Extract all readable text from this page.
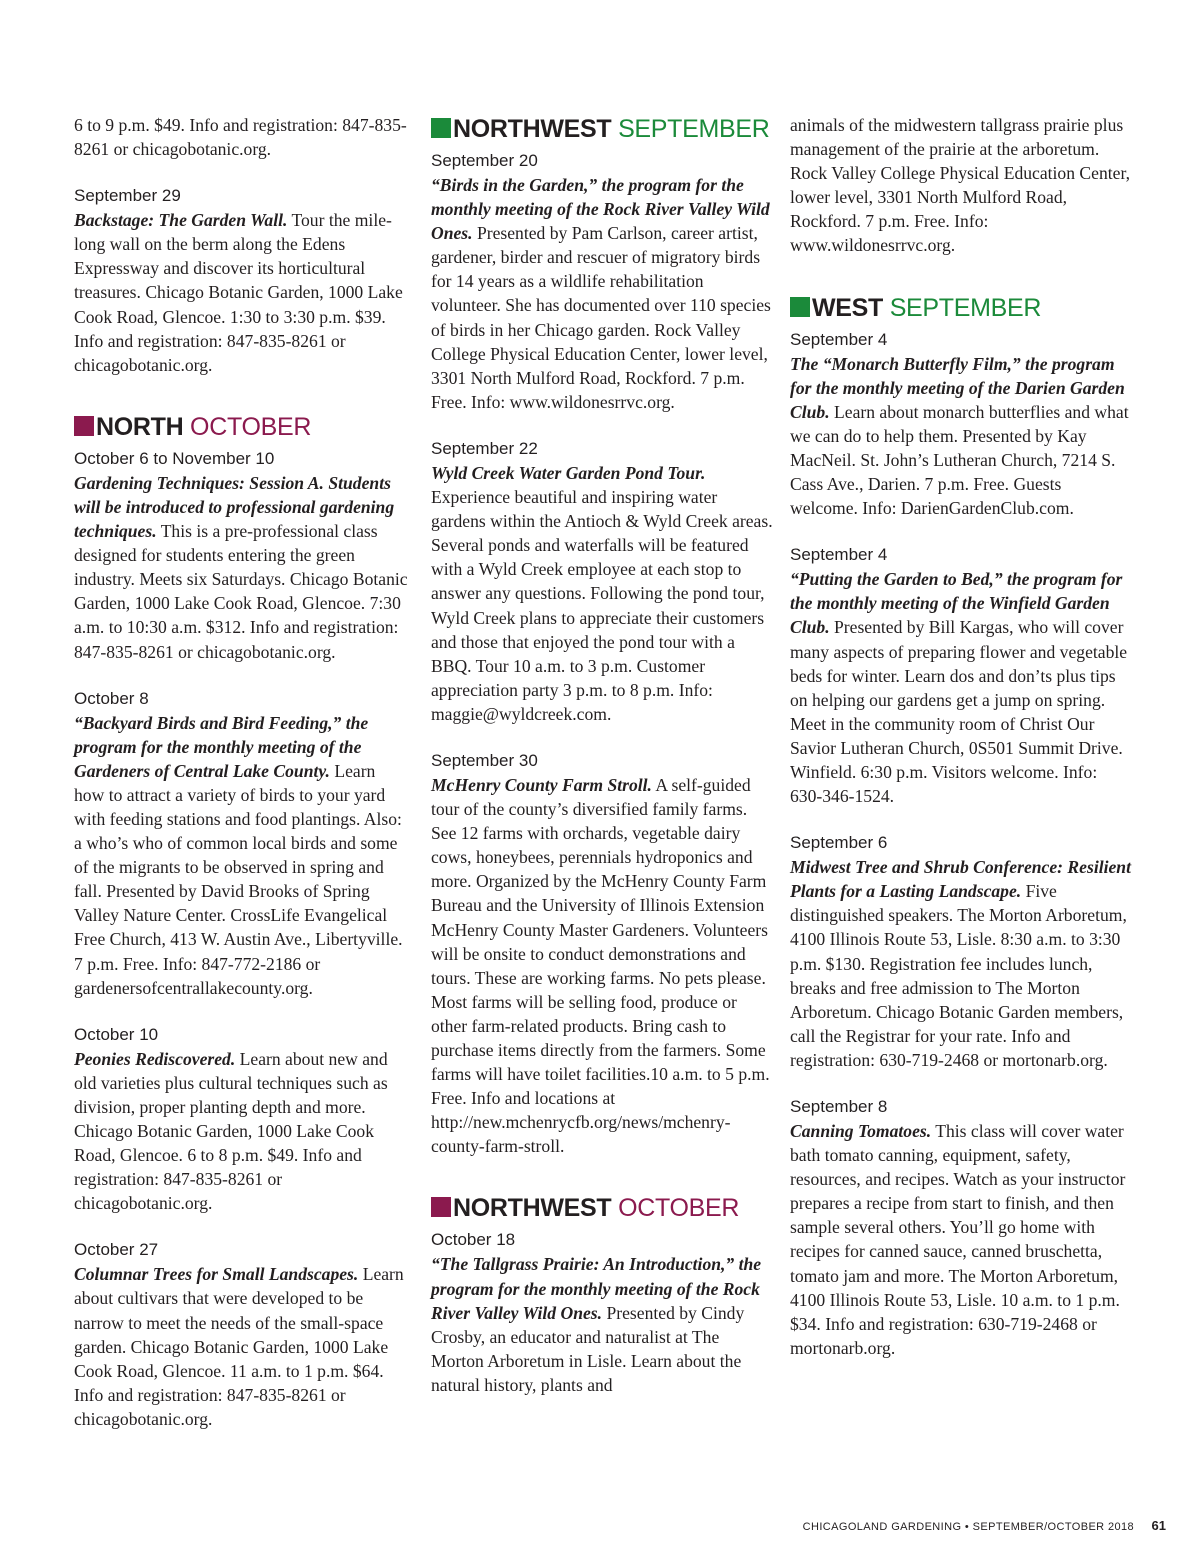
6 to 9 p.m. $49. Info and registration: 847-835-8261 or chicagobotanic.org.

September 29
Backstage: The Garden Wall. Tour the mile-long wall on the berm along the Edens Expressway and discover its horticultural treasures. Chicago Botanic Garden, 1000 Lake Cook Road, Glencoe. 1:30 to 3:30 p.m. $39. Info and registration: 847-835-8261 or chicagobotanic.org.
NORTH OCTOBER
October 6 to November 10
Gardening Techniques: Session A. Students will be introduced to professional gardening techniques. This is a pre-professional class designed for students entering the green industry. Meets six Saturdays. Chicago Botanic Garden, 1000 Lake Cook Road, Glencoe. 7:30 a.m. to 10:30 a.m. $312. Info and registration: 847-835-8261 or chicagobotanic.org.
October 8
“Backyard Birds and Bird Feeding,” the program for the monthly meeting of the Gardeners of Central Lake County. Learn how to attract a variety of birds to your yard with feeding stations and food plantings. Also: a who’s who of common local birds and some of the migrants to be observed in spring and fall. Presented by David Brooks of Spring Valley Nature Center. CrossLife Evangelical Free Church, 413 W. Austin Ave., Libertyville. 7 p.m. Free. Info: 847-772-2186 or gardenersofcentrallakecounty.org.
October 10
Peonies Rediscovered. Learn about new and old varieties plus cultural techniques such as division, proper planting depth and more. Chicago Botanic Garden, 1000 Lake Cook Road, Glencoe. 6 to 8 p.m. $49. Info and registration: 847-835-8261 or chicagobotanic.org.
October 27
Columnar Trees for Small Landscapes. Learn about cultivars that were developed to be narrow to meet the needs of the small-space garden. Chicago Botanic Garden, 1000 Lake Cook Road, Glencoe. 11 a.m. to 1 p.m. $64. Info and registration: 847-835-8261 or chicagobotanic.org.
NORTHWEST SEPTEMBER
September 20
“Birds in the Garden,” the program for the monthly meeting of the Rock River Valley Wild Ones. Presented by Pam Carlson, career artist, gardener, birder and rescuer of migratory birds for 14 years as a wildlife rehabilitation volunteer. She has documented over 110 species of birds in her Chicago garden. Rock Valley College Physical Education Center, lower level, 3301 North Mulford Road, Rockford. 7 p.m. Free. Info: www.wildonesrrvc.org.
September 22
Wyld Creek Water Garden Pond Tour. Experience beautiful and inspiring water gardens within the Antioch & Wyld Creek areas. Several ponds and waterfalls will be featured with a Wyld Creek employee at each stop to answer any questions. Following the pond tour, Wyld Creek plans to appreciate their customers and those that enjoyed the pond tour with a BBQ. Tour 10 a.m. to 3 p.m. Customer appreciation party 3 p.m. to 8 p.m. Info: maggie@wyldcreek.com.
September 30
McHenry County Farm Stroll. A self-guided tour of the county’s diversified family farms. See 12 farms with orchards, vegetable dairy cows, honeybees, perennials hydroponics and more. Organized by the McHenry County Farm Bureau and the University of Illinois Extension McHenry County Master Gardeners. Volunteers will be onsite to conduct demonstrations and tours. These are working farms. No pets please. Most farms will be selling food, produce or other farm-related products. Bring cash to purchase items directly from the farmers. Some farms will have toilet facilities.10 a.m. to 5 p.m. Free. Info and locations at http://new.mchenrycfb.org/news/mchenry-county-farm-stroll.
NORTHWEST OCTOBER
October 18
“The Tallgrass Prairie: An Introduction,” the program for the monthly meeting of the Rock River Valley Wild Ones. Presented by Cindy Crosby, an educator and naturalist at The Morton Arboretum in Lisle. Learn about the natural history, plants and

animals of the midwestern tallgrass prairie plus management of the prairie at the arboretum. Rock Valley College Physical Education Center, lower level, 3301 North Mulford Road, Rockford. 7 p.m. Free. Info: www.wildonesrrvc.org.

WEST SEPTEMBER
September 4
The “Monarch Butterfly Film,” the program for the monthly meeting of the Darien Garden Club. Learn about monarch butterflies and what we can do to help them. Presented by Kay MacNeil. St. John’s Lutheran Church, 7214 S. Cass Ave., Darien. 7 p.m. Free. Guests welcome. Info: DarienGardenClub.com.
September 4
“Putting the Garden to Bed,” the program for the monthly meeting of the Winfield Garden Club. Presented by Bill Kargas, who will cover many aspects of preparing flower and vegetable beds for winter. Learn dos and don’ts plus tips on helping our gardens get a jump on spring. Meet in the community room of Christ Our Savior Lutheran Church, 0S501 Summit Drive. Winfield. 6:30 p.m. Visitors welcome. Info: 630-346-1524.
September 6
Midwest Tree and Shrub Conference: Resilient Plants for a Lasting Landscape. Five distinguished speakers. The Morton Arboretum, 4100 Illinois Route 53, Lisle. 8:30 a.m. to 3:30 p.m. $130. Registration fee includes lunch, breaks and free admission to The Morton Arboretum. Chicago Botanic Garden members, call the Registrar for your rate. Info and registration: 630-719-2468 or mortonarb.org.
September 8
Canning Tomatoes. This class will cover water bath tomato canning, equipment, safety, resources, and recipes. Watch as your instructor prepares a recipe from start to finish, and then sample several others. You’ll go home with recipes for canned sauce, canned bruschetta, tomato jam and more. The Morton Arboretum, 4100 Illinois Route 53, Lisle. 10 a.m. to 1 p.m. $34. Info and registration: 630-719-2468 or mortonarb.org.
CHICAGOLAND GARDENING • SEPTEMBER/OCTOBER 2018 61
